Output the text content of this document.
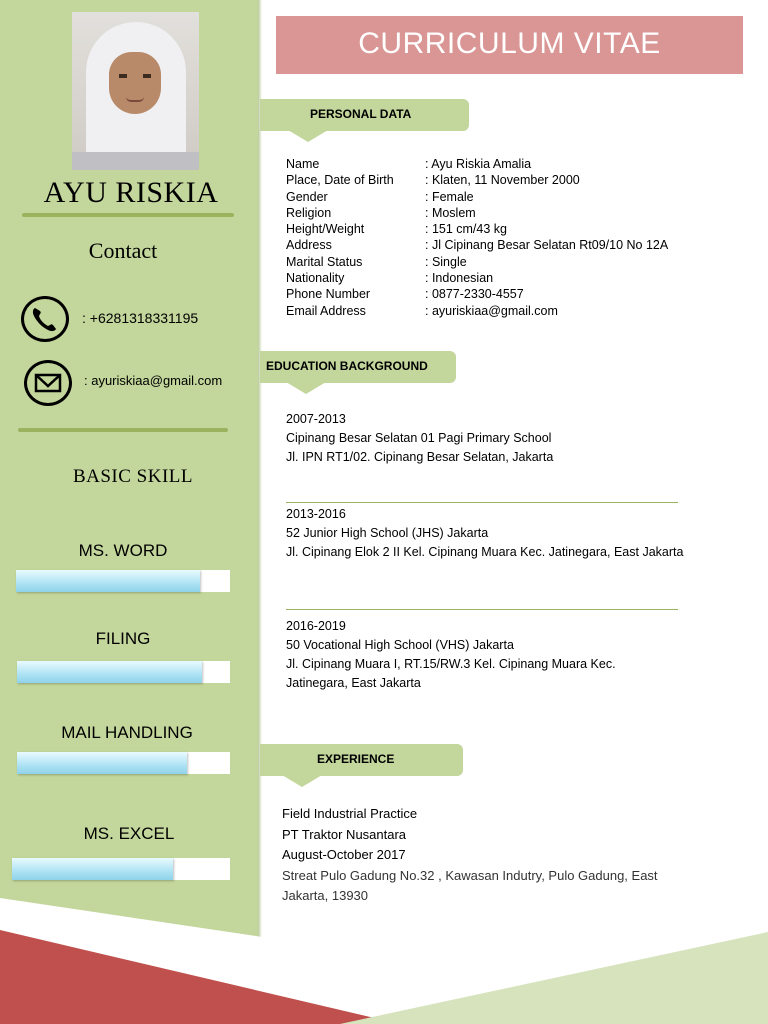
AYU RISKIA
Contact
: +6281318331195
: ayuriskiaa@gmail.com
BASIC SKILL
MS. WORD
FILING
MAIL HANDLING
MS. EXCEL
CURRICULUM VITAE
PERSONAL DATA
Name	: Ayu Riskia Amalia
Place, Date of Birth	: Klaten, 11 November 2000
Gender	: Female
Religion	: Moslem
Height/Weight	: 151 cm/43 kg
Address	: Jl Cipinang Besar Selatan Rt09/10 No 12A
Marital Status	: Single
Nationality	: Indonesian
Phone Number	: 0877-2330-4557
Email Address	: ayuriskiaa@gmail.com
EDUCATION BACKGROUND
2007-2013
Cipinang Besar Selatan 01 Pagi Primary School
Jl. IPN RT1/02. Cipinang Besar Selatan, Jakarta
2013-2016
52 Junior High School (JHS) Jakarta
Jl. Cipinang Elok 2 II Kel. Cipinang Muara Kec. Jatinegara, East Jakarta
2016-2019
50 Vocational High School (VHS) Jakarta
Jl. Cipinang Muara I, RT.15/RW.3 Kel. Cipinang Muara Kec.
Jatinegara, East Jakarta
EXPERIENCE
Field Industrial Practice
PT Traktor Nusantara
August-October 2017
Streat Pulo Gadung No.32 , Kawasan Indutry, Pulo Gadung, East Jakarta, 13930
